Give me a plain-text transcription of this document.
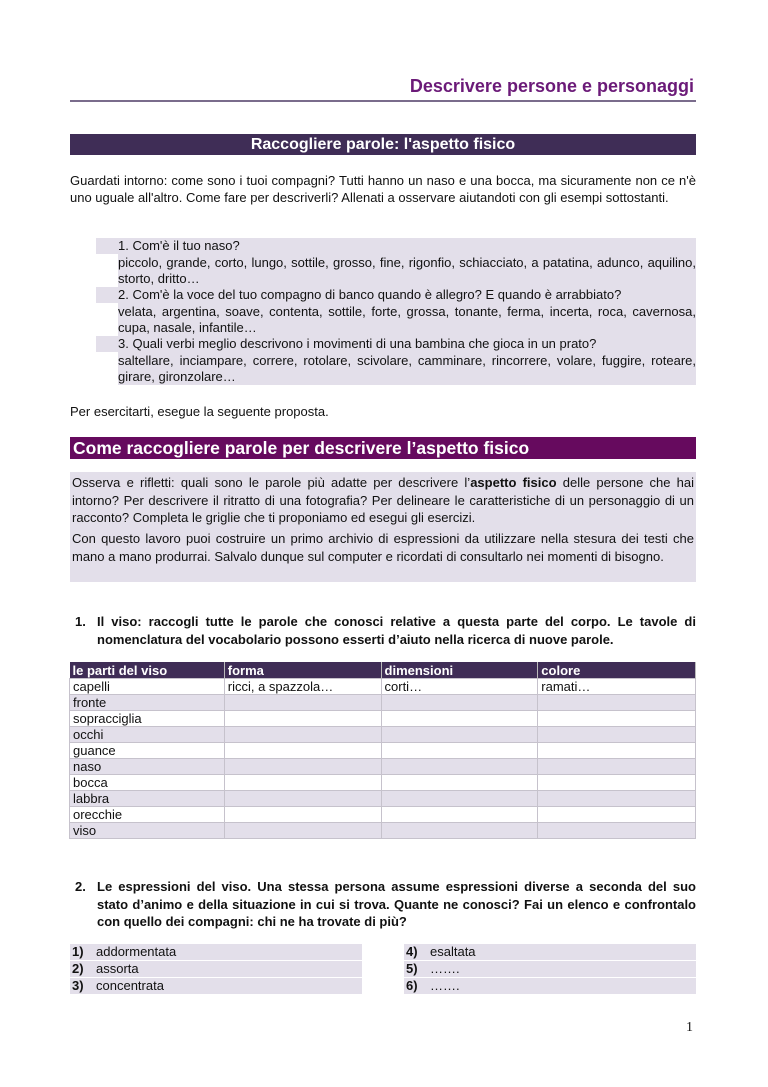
Descrivere persone e personaggi
Raccogliere parole: l'aspetto fisico
Guardati intorno: come sono i tuoi compagni? Tutti hanno un naso e una bocca, ma sicuramente non ce n'è uno uguale all'altro. Come fare per descriverli? Allenati a osservare aiutandoti con gli esempi sottostanti.
1. Com'è il tuo naso?
piccolo, grande, corto, lungo, sottile, grosso, fine, rigonfio, schiacciato, a patatina, adunco, aquilino, storto, dritto…
2. Com'è la voce del tuo compagno di banco quando è allegro? E quando è arrabbiato?
velata, argentina, soave, contenta, sottile, forte, grossa, tonante, ferma, incerta, roca, cavernosa, cupa, nasale, infantile…
3. Quali verbi meglio descrivono i movimenti di una bambina che gioca in un prato?
saltellare, inciampare, correre, rotolare, scivolare, camminare, rincorrere, volare, fuggire, roteare, girare, gironzolare…
Per esercitarti, esegue la seguente proposta.
Come raccogliere parole per descrivere l’aspetto fisico
Osserva e rifletti: quali sono le parole più adatte per descrivere l’aspetto fisico delle persone che hai intorno? Per descrivere il ritratto di una fotografia? Per delineare le caratteristiche di un personaggio di un racconto? Completa le griglie che ti proponiamo ed esegui gli esercizi.
Con questo lavoro puoi costruire un primo archivio di espressioni da utilizzare nella stesura dei testi che mano a mano produrrai. Salvalo dunque sul computer e ricordati di consultarlo nei momenti di bisogno.
1. Il viso: raccogli tutte le parole che conosci relative a questa parte del corpo. Le tavole di nomenclatura del vocabolario possono esserti d’aiuto nella ricerca di nuove parole.
le parti del viso	forma	dimensioni	colore
capelli	ricci, a spazzola…	corti…	ramati…
fronte			
sopracciglia			
occhi			
guance			
naso			
bocca			
labbra			
orecchie			
viso			
2. Le espressioni del viso. Una stessa persona assume espressioni diverse a seconda del suo stato d’animo e della situazione in cui si trova. Quante ne conosci? Fai un elenco e confrontalo con quello dei compagni: chi ne ha trovate di più?
1) addormentata
2) assorta
3) concentrata
4) esaltata
5) …….
6) …….
1
